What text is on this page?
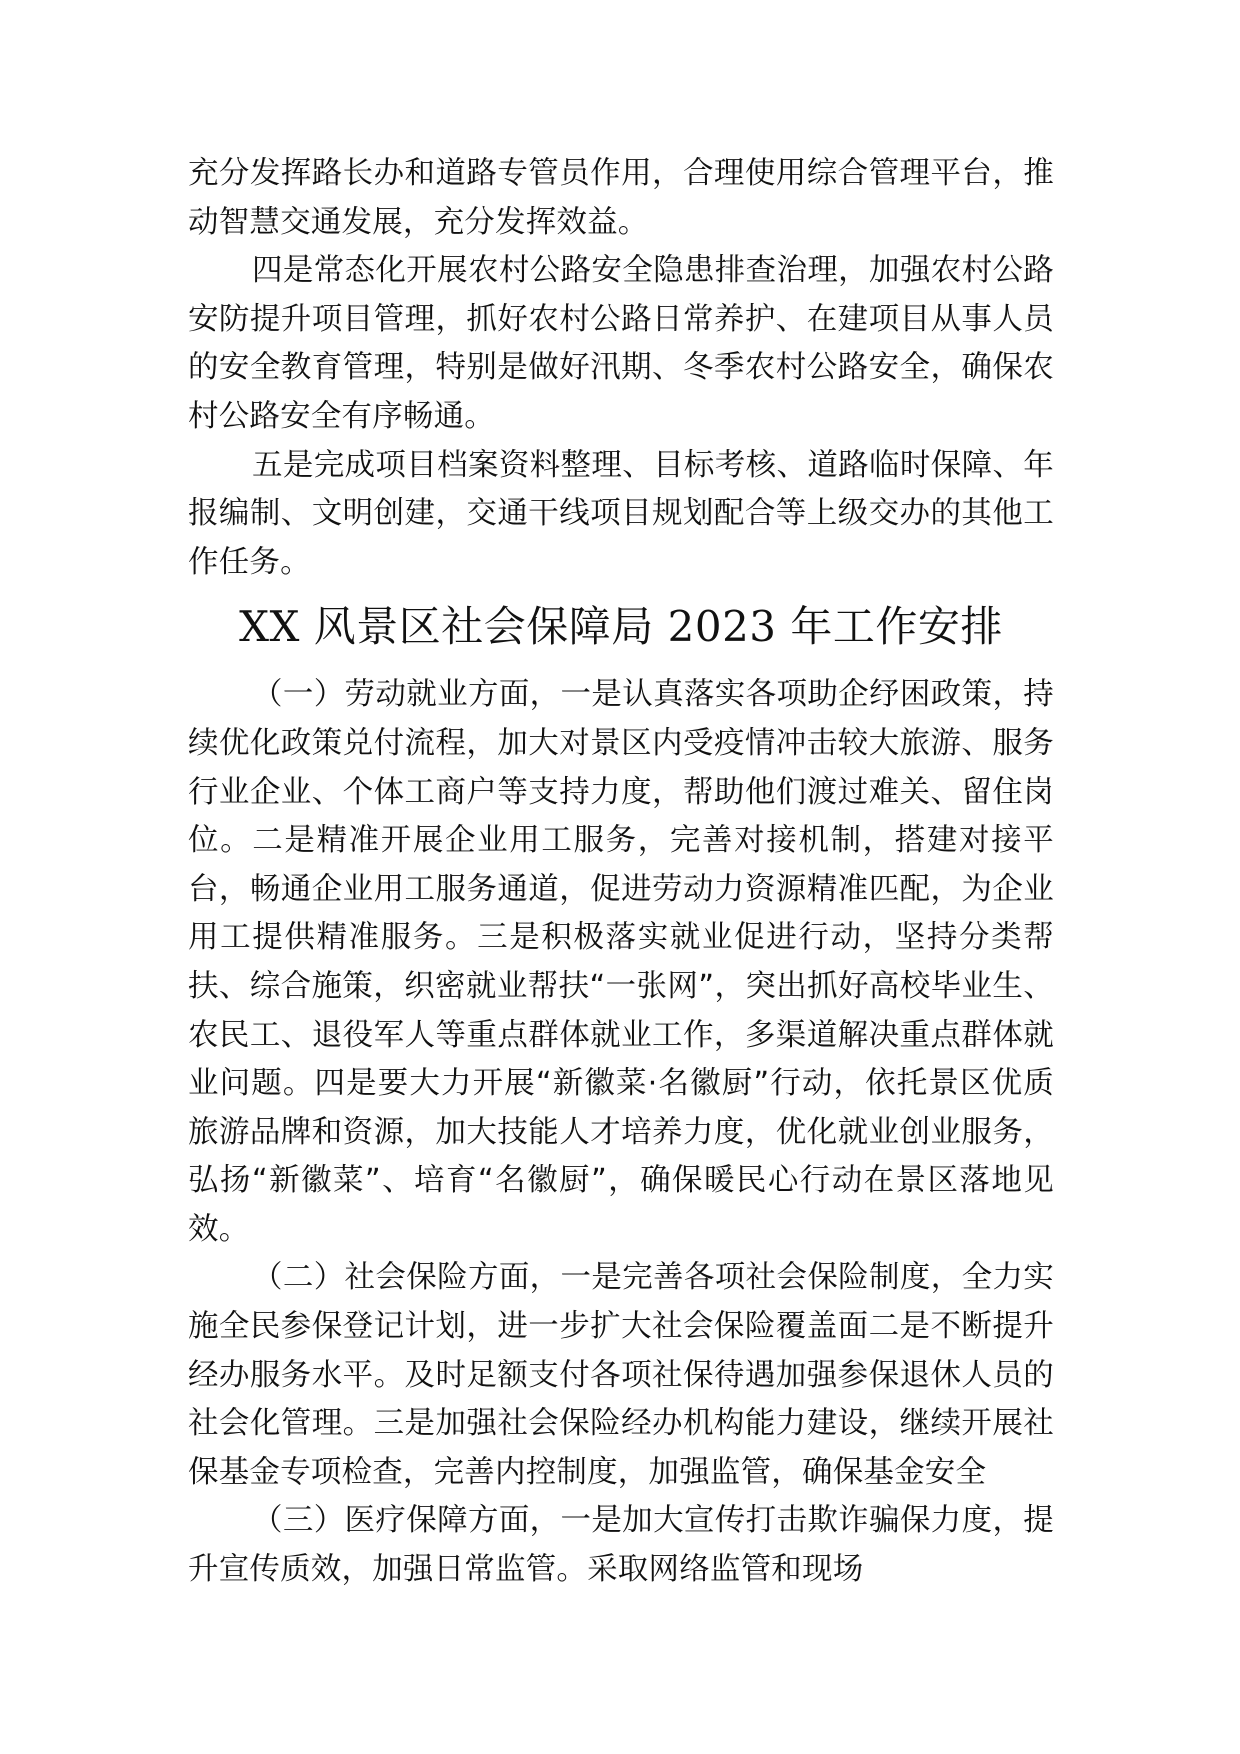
充分发挥路长办和道路专管员作用，合理使用综合管理平台，推动智慧交通发展，充分发挥效益。

四是常态化开展农村公路安全隐患排查治理，加强农村公路安防提升项目管理，抓好农村公路日常养护、在建项目从事人员的安全教育管理，特别是做好汛期、冬季农村公路安全，确保农村公路安全有序畅通。

五是完成项目档案资料整理、目标考核、道路临时保障、年报编制、文明创建，交通干线项目规划配合等上级交办的其他工作任务。

XX 风景区社会保障局 2023 年工作安排

（一）劳动就业方面，一是认真落实各项助企纾困政策，持续优化政策兑付流程，加大对景区内受疫情冲击较大旅游、服务行业企业、个体工商户等支持力度，帮助他们渡过难关、留住岗位。二是精准开展企业用工服务，完善对接机制，搭建对接平台，畅通企业用工服务通道，促进劳动力资源精准匹配，为企业用工提供精准服务。三是积极落实就业促进行动，坚持分类帮扶、综合施策，织密就业帮扶“一张网”，突出抓好高校毕业生、农民工、退役军人等重点群体就业工作，多渠道解决重点群体就业问题。四是要大力开展“新徽菜·名徽厨”行动，依托景区优质旅游品牌和资源，加大技能人才培养力度，优化就业创业服务，弘扬“新徽菜”、培育“名徽厨”，确保暖民心行动在景区落地见效。

（二）社会保险方面，一是完善各项社会保险制度，全力实施全民参保登记计划，进一步扩大社会保险覆盖面二是不断提升经办服务水平。及时足额支付各项社保待遇加强参保退休人员的社会化管理。三是加强社会保险经办机构能力建设，继续开展社保基金专项检查，完善内控制度，加强监管，确保基金安全

（三）医疗保障方面，一是加大宣传打击欺诈骗保力度，提升宣传质效，加强日常监管。采取网络监管和现场
